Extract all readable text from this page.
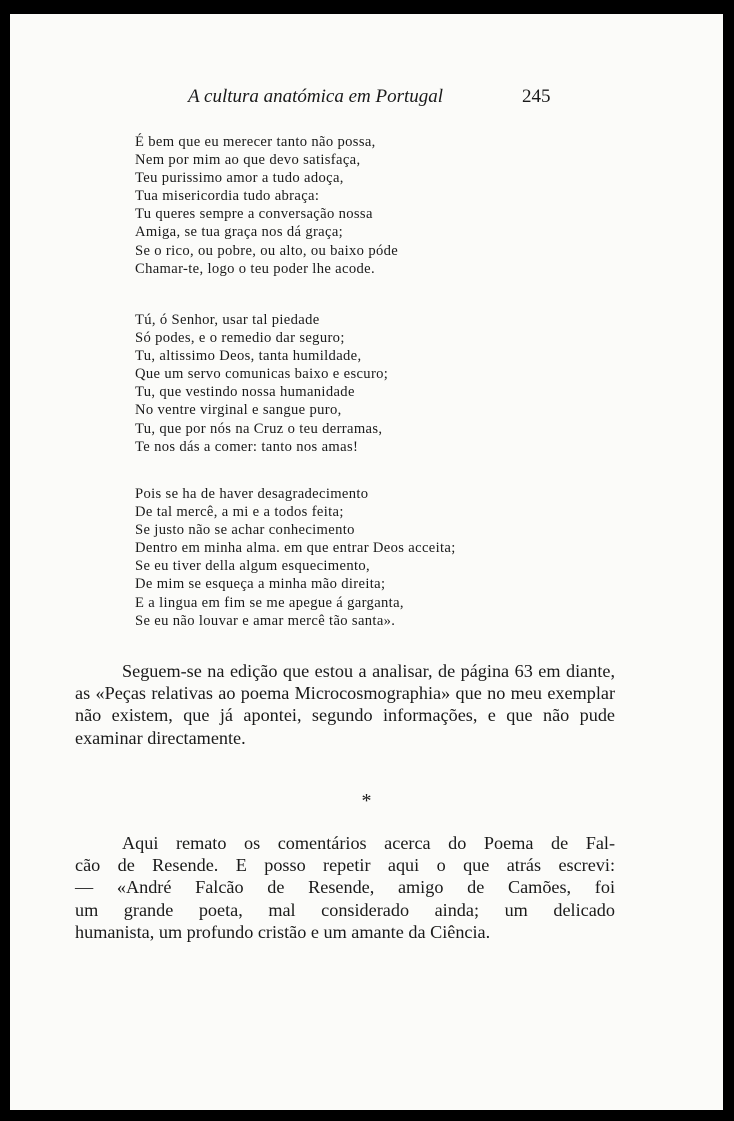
A cultura anatómica em Portugal	245
É bem que eu merecer tanto não possa,
Nem por mim ao que devo satisfaça,
Teu purissimo amor a tudo adoça,
Tua misericordia tudo abraça:
Tu queres sempre a conversação nossa
Amiga, se tua graça nos dá graça;
Se o rico, ou pobre, ou alto, ou baixo póde
Chamar-te, logo o teu poder lhe acode.
Tú, ó Senhor, usar tal piedade
Só podes, e o remedio dar seguro;
Tu, altissimo Deos, tanta humildade,
Que um servo comunicas baixo e escuro;
Tu, que vestindo nossa humanidade
No ventre virginal e sangue puro,
Tu, que por nós na Cruz o teu derramas,
Te nos dás a comer: tanto nos amas!
Pois se ha de haver desagradecimento
De tal mercê, a mi e a todos feita;
Se justo não se achar conhecimento
Dentro em minha alma. em que entrar Deos acceita;
Se eu tiver della algum esquecimento,
De mim se esqueça a minha mão direita;
E a lingua em fim se me apegue á garganta,
Se eu não louvar e amar mercê tão santa».

Seguem-se na edição que estou a analisar, de página 63 em diante, as «Peças relativas ao poema Microcosmographia» que no meu exemplar não existem, que já apontei, segundo informações, e que não pude examinar directamente.

*
Aqui remato os comentários acerca do Poema de Fal-
cão de Resende. E posso repetir aqui o que atrás escrevi:
— «André Falcão de Resende, amigo de Camões, foi
um grande poeta, mal considerado ainda; um delicado
humanista, um profundo cristão e um amante da Ciência.
